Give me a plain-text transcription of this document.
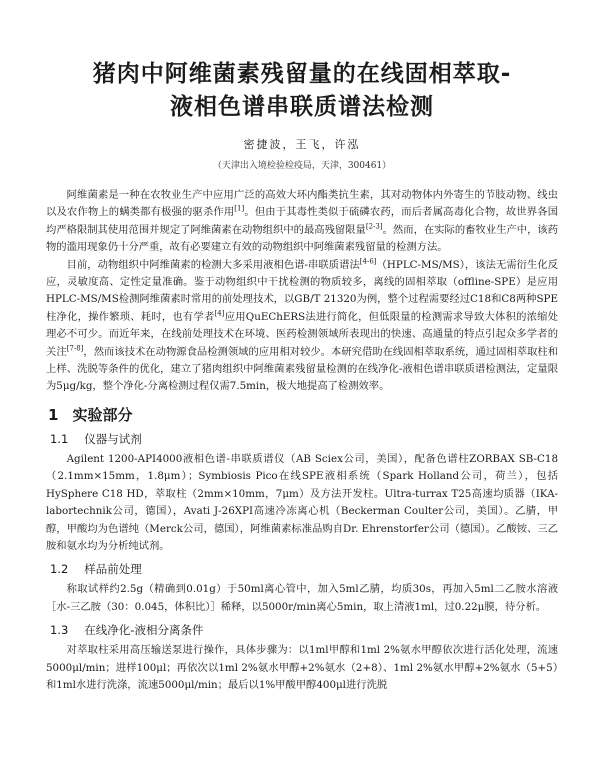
猪肉中阿维菌素残留量的在线固相萃取-
液相色谱串联质谱法检测
密捷波，王飞，许泓
（天津出入境检验检疫局，天津，300461）

阿维菌素是一种在农牧业生产中应用广泛的高效大环内酯类抗生素，其对动物体内外寄生的节肢动物、线虫以及农作物上的螨类都有极强的驱杀作用[1]。但由于其毒性类似于硫磷农药，而后者属高毒化合物，故世界各国均严格限制其使用范围并规定了阿维菌素在动物组织中的最高残留限量[2-3]。然而，在实际的畜牧业生产中，该药物的滥用现象仍十分严重，故有必要建立有效的动物组织中阿维菌素残留量的检测方法。

目前，动物组织中阿维菌素的检测大多采用液相色谱-串联质谱法[4-6]（HPLC-MS/MS），该法无需衍生化反应，灵敏度高、定性定量准确。鉴于动物组织中干扰检测的物质较多，离线的固相萃取（offline-SPE）是应用HPLC-MS/MS检测阿维菌素时常用的前处理技术，以GB/T 21320为例，整个过程需要经过C18和C8两种SPE柱净化，操作繁琐、耗时，也有学者[4]应用QuEChERS法进行简化，但低限量的检测需求导致大体积的浓缩处理必不可少。而近年来，在线前处理技术在环境、医药检测领域所表现出的快速、高通量的特点引起众多学者的关注[7-8]，然而该技术在动物源食品检测领域的应用相对较少。本研究借助在线固相萃取系统，通过固相萃取柱和上样、洗脱等条件的优化，建立了猪肉组织中阿维菌素残留量检测的在线净化-液相色谱串联质谱检测法，定量限为5μg/kg，整个净化-分离检测过程仅需7.5min，极大地提高了检测效率。

1 实验部分
1.1 仪器与试剂

Agilent 1200-API4000液相色谱-串联质谱仪（AB Sciex公司，美国），配备色谱柱ZORBAX SB-C18（2.1mm×15mm，1.8μm）；Symbiosis Pico在线SPE液相系统（Spark Holland公司，荷兰），包括HySphere C18 HD，萃取柱（2mm×10mm，7μm）及方法开发柱。Ultra-turrax T25高速均质器（IKA-labortechnik公司，德国），Avati J-26XPI高速冷冻离心机（Beckerman Coulter公司，美国）。乙腈，甲醇，甲酸均为色谱纯（Merck公司，德国），阿维菌素标准品购自Dr. Ehrenstorfer公司（德国）。乙酸铵、三乙胺和氨水均为分析纯试剂。

1.2 样品前处理

称取试样约2.5g（精确到0.01g）于50ml离心管中，加入5ml乙腈，均质30s，再加入5ml二乙胺水溶液［水-三乙胺（30：0.045，体积比）］稀释，以5000r/min离心5min，取上清液1ml，过0.22μ膜，待分析。

1.3 在线净化-液相分离条件

对萃取柱采用高压输送泵进行操作，具体步骤为：以1ml甲醇和1ml 2%氨水甲醇依次进行活化处理，流速5000μl/min；进样100μl；再依次以1ml 2%氨水甲醇+2%氨水（2+8）、1ml 2%氨水甲醇+2%氨水（5+5）和1ml水进行洗涤，流速5000μl/min；最后以1%甲酸甲醇400μl进行洗脱
